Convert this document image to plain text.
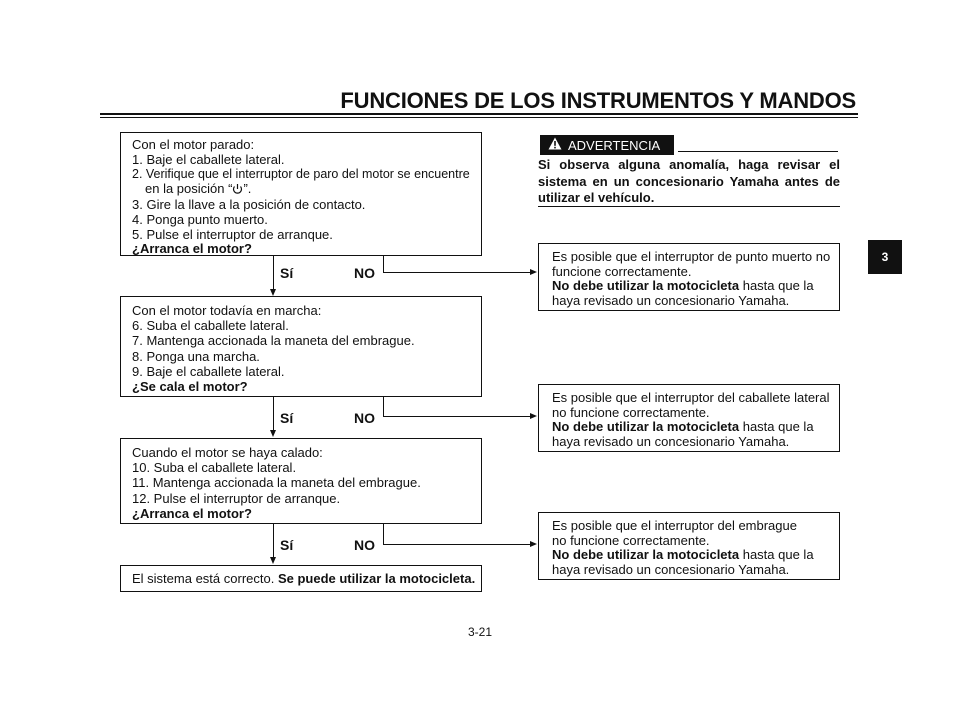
FUNCIONES DE LOS INSTRUMENTOS Y MANDOS
Con el motor parado:
1. Baje el caballete lateral.
2. Verifique que el interruptor de paro del motor se encuentre
en la posición “ ”.
3. Gire la llave a la posición de contacto.
4. Ponga punto muerto.
5. Pulse el interruptor de arranque.
¿Arranca el motor?
Sí	NO
Con el motor todavía en marcha:
6. Suba el caballete lateral.
7. Mantenga accionada la maneta del embrague.
8. Ponga una marcha.
9. Baje el caballete lateral.
¿Se cala el motor?
Sí	NO
Cuando el motor se haya calado:
10. Suba el caballete lateral.
11. Mantenga accionada la maneta del embrague.
12. Pulse el interruptor de arranque.
¿Arranca el motor?
Sí	NO
El sistema está correcto. Se puede utilizar la motocicleta.
ADVERTENCIA
Si observa alguna anomalía, haga revisar el sistema en un concesionario Yamaha antes de utilizar el vehículo.
Es posible que el interruptor de punto muerto no
funcione correctamente.
No debe utilizar la motocicleta hasta que la
haya revisado un concesionario Yamaha.
Es posible que el interruptor del caballete lateral
no funcione correctamente.
No debe utilizar la motocicleta hasta que la
haya revisado un concesionario Yamaha.
Es posible que el interruptor del embrague
no funcione correctamente.
No debe utilizar la motocicleta hasta que la
haya revisado un concesionario Yamaha.
3
3-21
